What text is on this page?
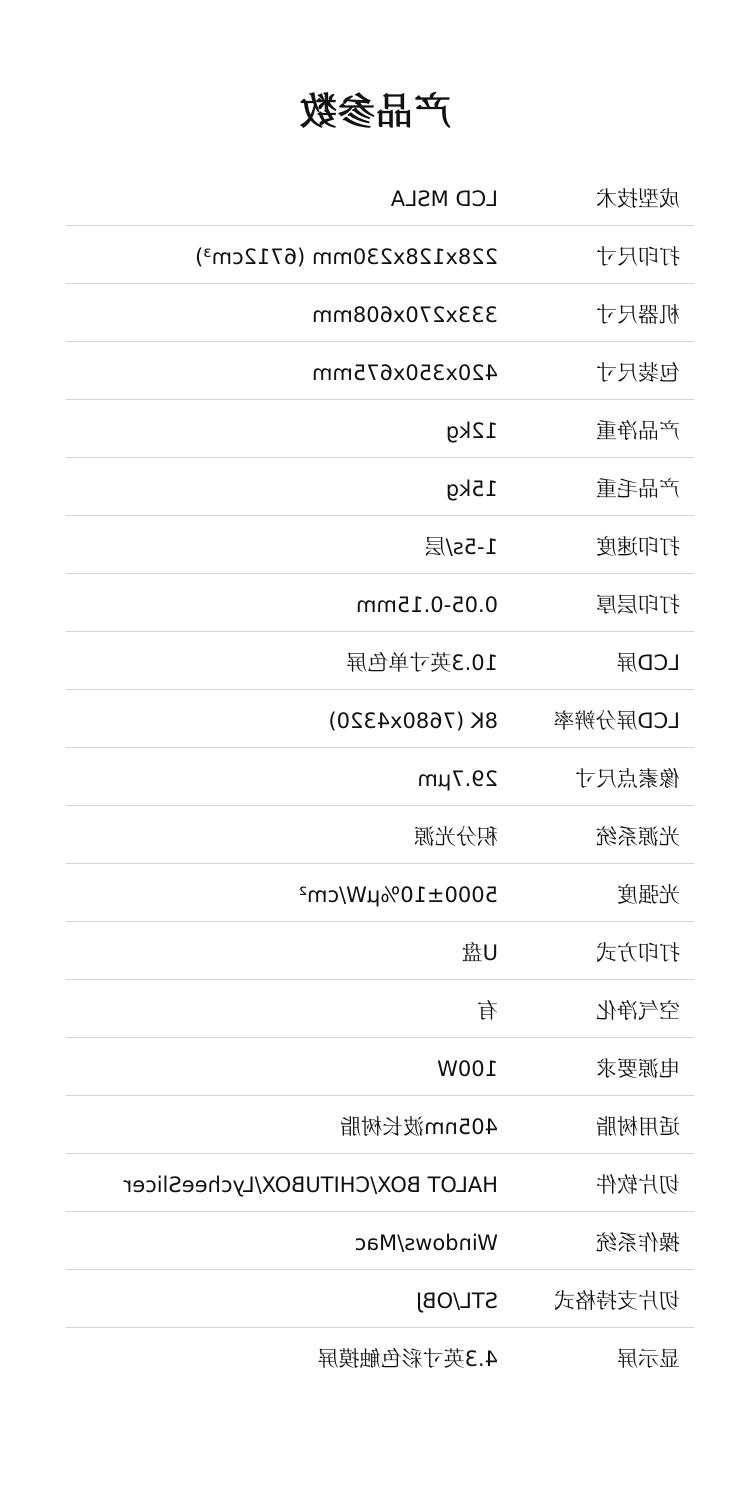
产品参数
成型技术
LCD MSLA
打印尺寸
228x128x230mm (6712cm³)
机器尺寸
333x270x608mm
包装尺寸
420x350x675mm
产品净重
12kg
产品毛重
15kg
打印速度
1-5s/层
打印层厚
0.05-0.15mm
LCD屏
10.3英寸单色屏
LCD屏分辨率
8K (7680x4320)
像素点尺寸
29.7μm
光源系统
积分光源
光强度
5000±10%μW/cm²
打印方式
U盘
空气净化
有
电源要求
100W
适用树脂
405nm波长树脂
切片软件
HALOT BOX/CHITUBOX/LycheeSlicer
操作系统
Windows/Mac
切片支持格式
STL/OBJ
显示屏
4.3英寸彩色触摸屏
